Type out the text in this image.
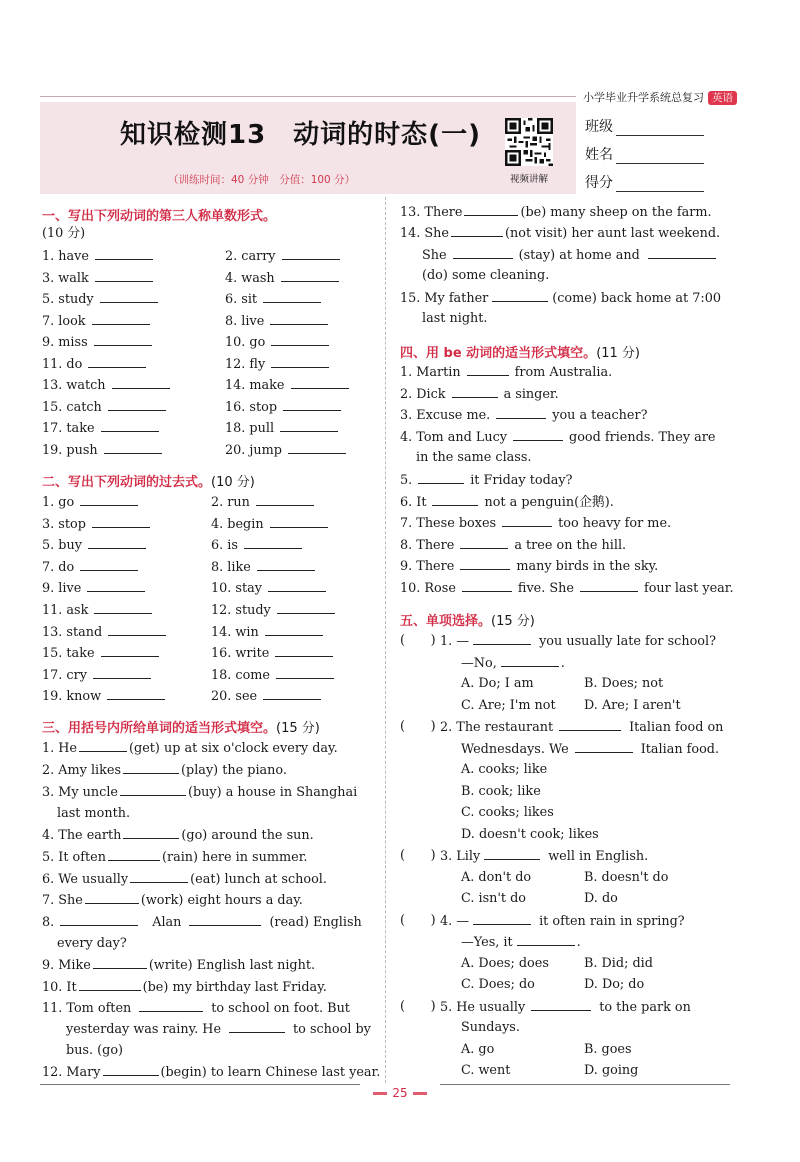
小学毕业升学系统总复习 英语
知识检测13　动词的时态(一)
（训练时间：40 分钟　分值：100 分）	视频讲解
班级
姓名
得分
一、写出下列动词的第三人称单数形式。
(10 分)
二、写出下列动词的过去式。(10 分)
三、用括号内所给单词的适当形式填空。(15 分)
1. He	(get) up at six o'clock every day.
2. Amy likes	(play) the piano.
3. My uncle	(buy) a house in Shanghai
last month.
4. The earth	(go) around the sun.
5. It often	(rain) here in summer.
6. We usually	(eat) lunch at school.
7. She	(work) eight hours a day.
8.	Alan	(read) English
every day?
9. Mike	(write) English last night.
10. It	(be) my birthday last Friday.
11. Tom often	to school on foot. But
yesterday was rainy. He	to school by
bus. (go)
12. Mary	(begin) to learn Chinese last year.
13. There	(be) many sheep on the farm.
14. She	(not visit) her aunt last weekend.
She	(stay) at home and
(do) some cleaning.
15. My father	(come) back home at 7:00
last night.
四、用 be 动词的适当形式填空。(11 分)
1. Martin	from Australia.
2. Dick	a singer.
3. Excuse me.	you a teacher?
4. Tom and Lucy	good friends. They are
in the same class.
5.	it Friday today?
6. It	not a penguin(企鹅).
7. These boxes	too heavy for me.
8. There	a tree on the hill.
9. There	many birds in the sky.
10. Rose	five. She	four last year.
五、单项选择。(15 分)
25
1. have	2. carry
3. walk	4. wash
5. study	6. sit
7. look	8. live
9. miss	10. go
11. do	12. fly
13. watch	14. make
15. catch	16. stop
17. take	18. pull
19. push	20. jump
1. go	2. run
3. stop	4. begin
5. buy	6. is
7. do	8. like
9. live	10. stay
11. ask	12. study
13. stand	14. win
15. take	16. write
17. cry	18. come
19. know	20. see
(　　) 1. —	you usually late for school?
—No,	.
A. Do; I am	B. Does; not
C. Are; I'm not D. Are; I aren't
(　　) 2. The restaurant	Italian food on
Wednesdays. We	Italian food.
A. cooks; like
B. cook; like
C. cooks; likes
D. doesn't cook; likes
(　　) 3. Lily	well in English.
A. don't do	B. doesn't do
C. isn't do	D. do
(　　) 4. —	it often rain in spring?
—Yes, it	.
A. Does; does	B. Did; did
C. Does; do	D. Do; do
(　　) 5. He usually	to the park on
Sundays.
A. go	B. goes
C. went	D. going
